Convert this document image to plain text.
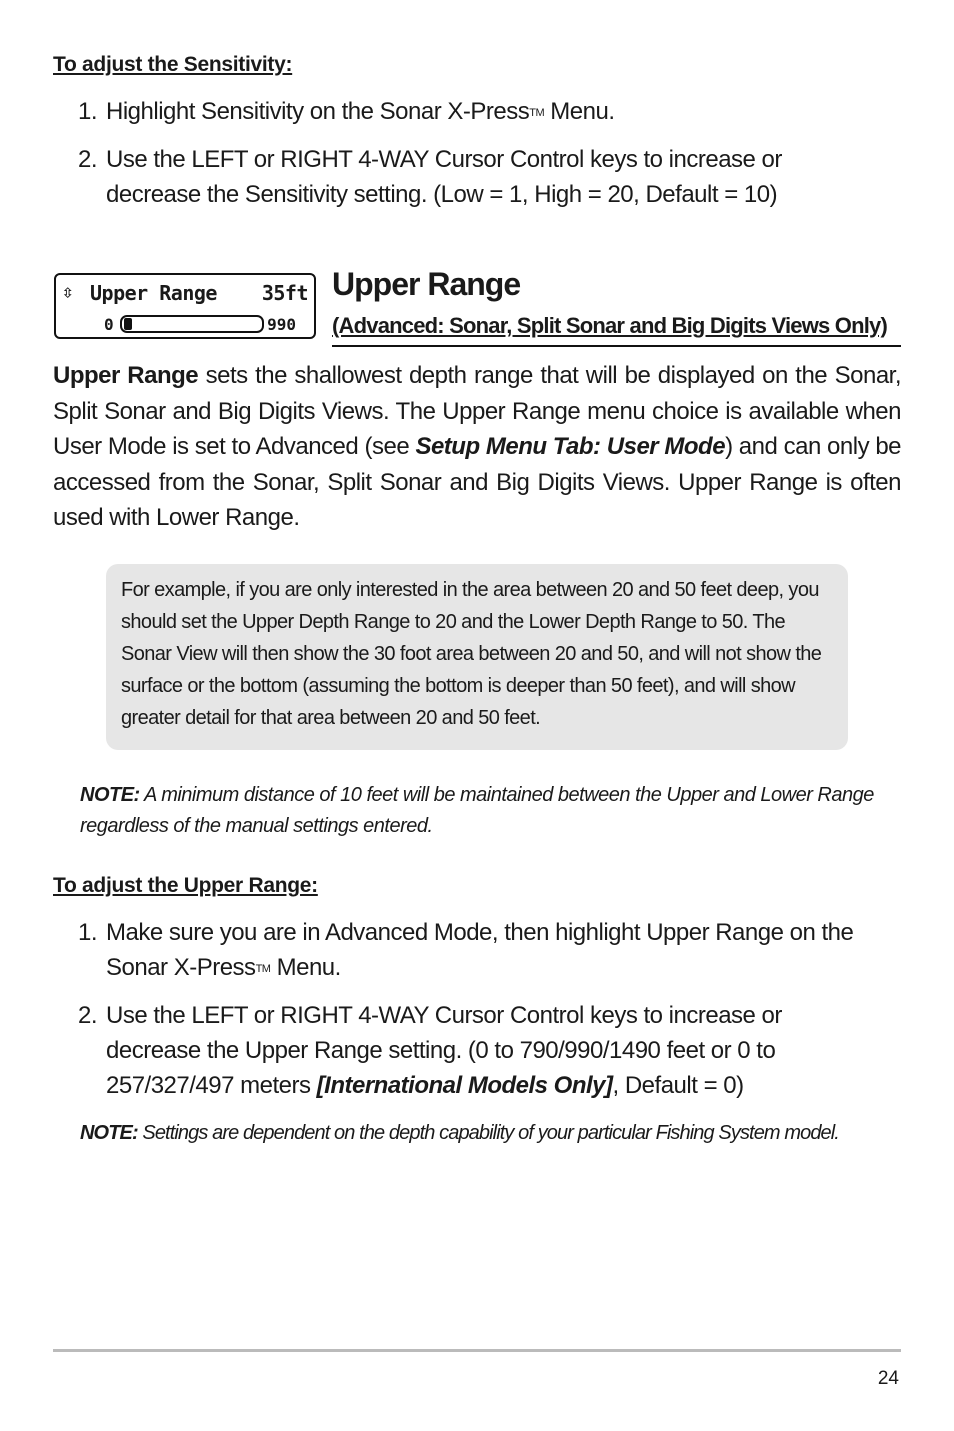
To adjust the Sensitivity:
1. Highlight Sensitivity on the Sonar X-Press™ Menu.
2. Use the LEFT or RIGHT 4-WAY Cursor Control keys to increase or decrease the Sensitivity setting. (Low = 1, High = 20, Default = 10)
⇳ Upper Range 35ft
0	990
Upper Range
(Advanced: Sonar, Split Sonar and Big Digits Views Only)
Upper Range sets the shallowest depth range that will be displayed on the Sonar, Split Sonar and Big Digits Views. The Upper Range menu choice is available when User Mode is set to Advanced (see Setup Menu Tab: User Mode) and can only be accessed from the Sonar, Split Sonar and Big Digits Views. Upper Range is often used with Lower Range.
For example, if you are only interested in the area between 20 and 50 feet deep, you should set the Upper Depth Range to 20 and the Lower Depth Range to 50. The Sonar View will then show the 30 foot area between 20 and 50, and will not show the surface or the bottom (assuming the bottom is deeper than 50 feet), and will show greater detail for that area between 20 and 50 feet.
NOTE: A minimum distance of 10 feet will be maintained between the Upper and Lower Range regardless of the manual settings entered.
To adjust the Upper Range:
1. Make sure you are in Advanced Mode, then highlight Upper Range on the Sonar X-Press™ Menu.
2. Use the LEFT or RIGHT 4-WAY Cursor Control keys to increase or decrease the Upper Range setting. (0 to 790/990/1490 feet or 0 to 257/327/497 meters [International Models Only], Default = 0)
NOTE: Settings are dependent on the depth capability of your particular Fishing System model.
24
